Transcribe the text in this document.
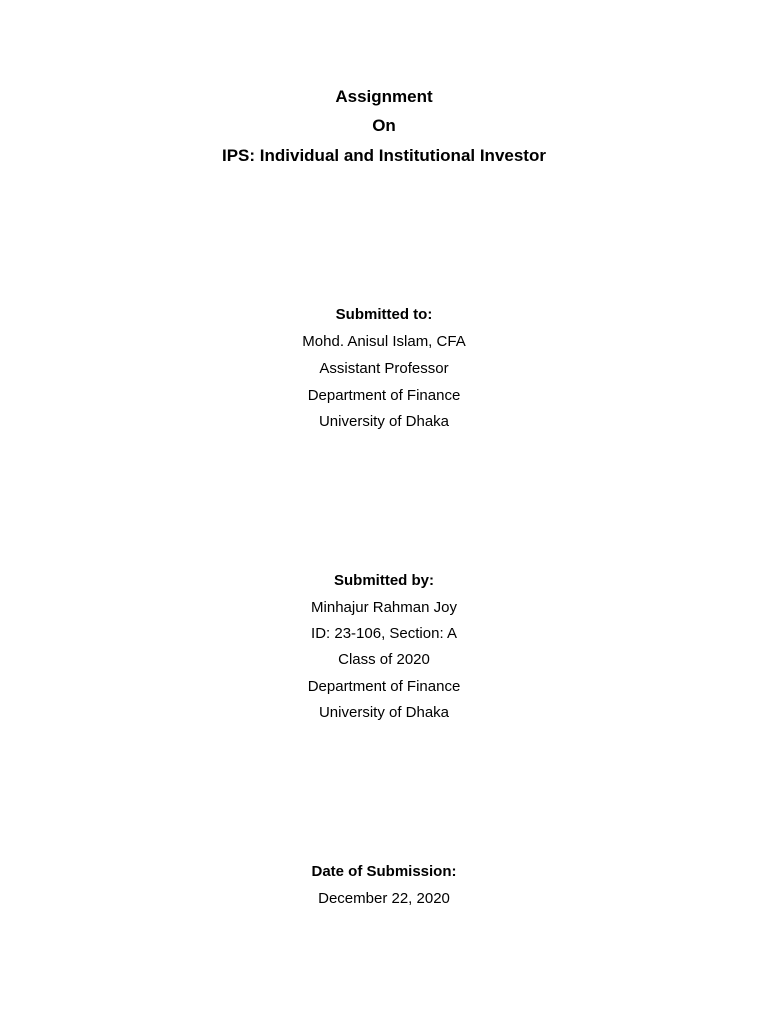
Assignment
On
IPS: Individual and Institutional Investor
Submitted to:
Mohd. Anisul Islam, CFA
Assistant Professor
Department of Finance
University of Dhaka
Submitted by:
Minhajur Rahman Joy
ID: 23-106, Section: A
Class of 2020
Department of Finance
University of Dhaka
Date of Submission:
December 22, 2020
